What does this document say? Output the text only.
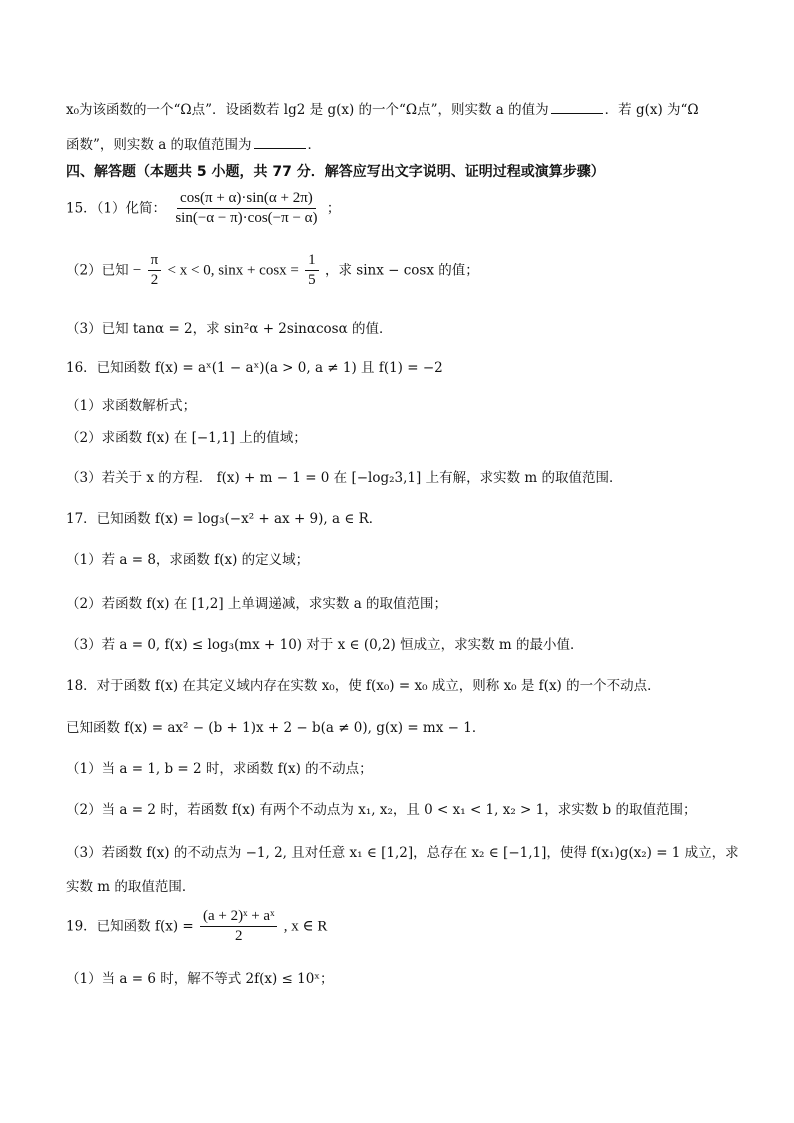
x₀为该函数的一个“Ω点”．设函数若 lg2 是 g(x) 的一个“Ω点”，则实数 a 的值为	．若 g(x) 为“Ω
函数”，则实数 a 的取值范围为	．
四、解答题（本题共 5 小题，共 77 分．解答应写出文字说明、证明过程或演算步骤）
15．（1）化简： $\frac{\cos(\pi + \alpha)\cdot\sin(\alpha + 2\pi)}{\sin(-\alpha - \pi)\cdot\cos(-\pi - \alpha)}$ ；
（2）已知 − $\frac{\pi}{2} < x < 0$, $\sin x + \cos x = \frac{1}{5}$ ，求 sinx − cosx 的值；
（3）已知 tanα = 2，求 sin²α + 2sinαcosα 的值．
16．已知函数 f(x) = aˣ(1 − aˣ)(a > 0, a ≠ 1) 且 f(1) = −2
（1）求函数解析式；
（2）求函数 f(x) 在 [−1,1] 上的值域；
（3）若关于 x 的方程． f(x) + m − 1 = 0 在 [−log₂3,1] 上有解，求实数 m 的取值范围．
17．已知函数 f(x) = log₃(−x² + ax + 9), a ∈ R．
（1）若 a = 8，求函数 f(x) 的定义域；
（2）若函数 f(x) 在 [1,2] 上单调递减，求实数 a 的取值范围；
（3）若 a = 0, f(x) ≤ log₃(mx + 10) 对于 x ∈ (0,2) 恒成立，求实数 m 的最小值．
18．对于函数 f(x) 在其定义域内存在实数 x₀，使 f(x₀) = x₀ 成立，则称 x₀ 是 f(x) 的一个不动点．
已知函数 f(x) = ax² − (b + 1)x + 2 − b(a ≠ 0), g(x) = mx − 1．
（1）当 a = 1, b = 2 时，求函数 f(x) 的不动点；
（2）当 a = 2 时，若函数 f(x) 有两个不动点为 x₁, x₂，且 0 < x₁ < 1, x₂ > 1，求实数 b 的取值范围；
（3）若函数 f(x) 的不动点为 −1, 2, 且对任意 x₁ ∈ [1,2]，总存在 x₂ ∈ [−1,1]，使得 f(x₁)g(x₂) = 1 成立，求
实数 m 的取值范围．
19．已知函数 $f(x) = \frac{\text{(a + 2)ˣ + aˣ}}{2}$ , x ∈ R
（1）当 a = 6 时，解不等式 2f(x) ≤ 10ˣ；
